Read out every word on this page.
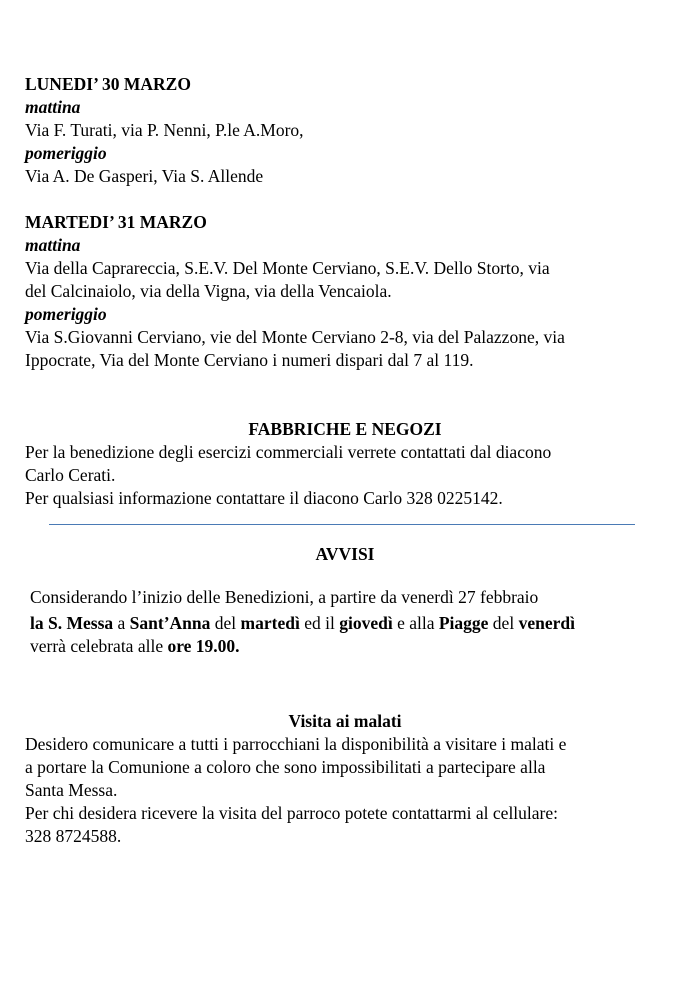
LUNEDI’ 30 MARZO
mattina
Via F. Turati, via P. Nenni, P.le A.Moro,
pomeriggio
Via A. De Gasperi, Via S. Allende
MARTEDI’ 31 MARZO
mattina
Via della Caprareccia, S.E.V. Del Monte Cerviano, S.E.V. Dello Storto, via
del Calcinaiolo, via della Vigna, via della Vencaiola.
pomeriggio
Via S.Giovanni Cerviano, vie del Monte Cerviano 2-8, via del Palazzone, via
Ippocrate, Via del Monte Cerviano i numeri dispari dal 7 al 119.
FABBRICHE E NEGOZI
Per la benedizione degli esercizi commerciali verrete contattati dal diacono
Carlo Cerati.
Per qualsiasi informazione contattare il diacono Carlo 328 0225142.
AVVISI
Considerando l’inizio delle Benedizioni, a partire da venerdì 27 febbraio
la S. Messa a Sant’Anna del martedì ed il giovedì e alla Piagge del venerdì
verrà celebrata alle ore 19.00.
Visita ai malati
Desidero comunicare a tutti i parrocchiani la disponibilità a visitare i malati e
a portare la Comunione a coloro che sono impossibilitati a partecipare alla
Santa Messa.
Per chi desidera ricevere la visita del parroco potete contattarmi al cellulare:
328 8724588.
